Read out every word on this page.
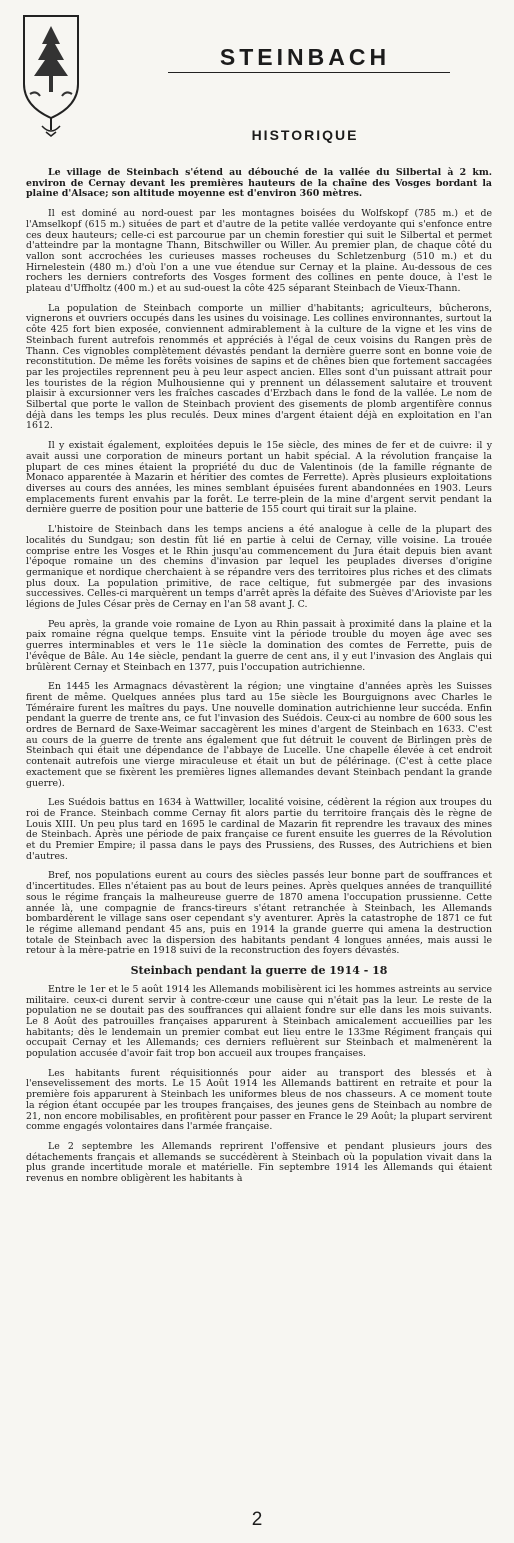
STEINBACH
HISTORIQUE

Le village de Steinbach s'étend au débouché de la vallée du Silbertal à 2 km. environ de Cernay devant les premières hauteurs de la chaîne des Vosges bordant la plaine d'Alsace; son altitude moyenne est d'environ 360 mètres.

Il est dominé au nord-ouest par les montagnes boisées du Wolfskopf (785 m.) et de l'Amselkopf (615 m.) situées de part et d'autre de la petite vallée verdoyante qui s'enfonce entre ces deux hauteurs; celle-ci est parcourue par un chemin forestier qui suit le Silbertal et permet d'atteindre par la montagne Thann, Bitschwiller ou Willer. Au premier plan, de chaque côté du vallon sont accrochées les curieuses masses rocheuses du Schletzenburg (510 m.) et du Hirnelestein (480 m.) d'où l'on a une vue étendue sur Cernay et la plaine. Au-dessous de ces rochers les derniers contreforts des Vosges forment des collines en pente douce, à l'est le plateau d'Uffholtz (400 m.) et au sud-ouest la côte 425 séparant Steinbach de Vieux-Thann.

La population de Steinbach comporte un millier d'habitants; agriculteurs, bûcherons, vignerons et ouvriers occupés dans les usines du voisinage. Les collines environnantes, surtout la côte 425 fort bien exposée, conviennent admirablement à la culture de la vigne et les vins de Steinbach furent autrefois renommés et appréciés à l'égal de ceux voisins du Rangen près de Thann. Ces vignobles complètement dévastés pendant la dernière guerre sont en bonne voie de reconstitution. De même les forêts voisines de sapins et de chênes bien que fortement saccagées par les projectiles reprennent peu à peu leur aspect ancien. Elles sont d'un puissant attrait pour les touristes de la région Mulhousienne qui y prennent un délassement salutaire et trouvent plaisir à excursionner vers les fraîches cascades d'Erzbach dans le fond de la vallée. Le nom de Silbertal que porte le vallon de Steinbach provient des gisements de plomb argentifère connus déjà dans les temps les plus reculés. Deux mines d'argent étaient déjà en exploitation en l'an 1612.

Il y existait également, exploitées depuis le 15e siècle, des mines de fer et de cuivre: il y avait aussi une corporation de mineurs portant un habit spécial. A la révolution française la plupart de ces mines étaient la propriété du duc de Valentinois (de la famille régnante de Monaco apparentée à Mazarin et héritier des comtes de Ferrette). Après plusieurs exploitations diverses au cours des années, les mines semblant épuisées furent abandonnées en 1903. Leurs emplacements furent envahis par la forêt. Le terre-plein de la mine d'argent servit pendant la dernière guerre de position pour une batterie de 155 court qui tirait sur la plaine.

L'histoire de Steinbach dans les temps anciens a été analogue à celle de la plupart des localités du Sundgau; son destin fût lié en partie à celui de Cernay, ville voisine. La trouée comprise entre les Vosges et le Rhin jusqu'au commencement du Jura était depuis bien avant l'époque romaine un des chemins d'invasion par lequel les peuplades diverses d'origine germanique et nordique cherchaient à se répandre vers des territoires plus riches et des climats plus doux. La population primitive, de race celtique, fut submergée par des invasions successives. Celles-ci marquèrent un temps d'arrêt après la défaite des Suèves d'Arioviste par les légions de Jules César près de Cernay en l'an 58 avant J. C.

Peu après, la grande voie romaine de Lyon au Rhin passait à proximité dans la plaine et la paix romaine régna quelque temps. Ensuite vint la période trouble du moyen âge avec ses guerres interminables et vers le 11e siècle la domination des comtes de Ferrette, puis de l'évêque de Bâle. Au 14e siècle, pendant la guerre de cent ans, il y eut l'invasion des Anglais qui brûlèrent Cernay et Steinbach en 1377, puis l'occupation autrichienne.

En 1445 les Armagnacs dévastèrent la région; une vingtaine d'années après les Suisses firent de même. Quelques années plus tard au 15e siècle les Bourguignons avec Charles le Téméraire furent les maîtres du pays. Une nouvelle domination autrichienne leur succéda. Enfin pendant la guerre de trente ans, ce fut l'invasion des Suédois. Ceux-ci au nombre de 600 sous les ordres de Bernard de Saxe-Weimar saccagèrent les mines d'argent de Steinbach en 1633. C'est au cours de la guerre de trente ans également que fut détruit le couvent de Birlingen près de Steinbach qui était une dépendance de l'abbaye de Lucelle. Une chapelle élevée à cet endroit contenait autrefois une vierge miraculeuse et était un but de pélérinage. (C'est à cette place exactement que se fixèrent les premières lignes allemandes devant Steinbach pendant la grande guerre).

Les Suédois battus en 1634 à Wattwiller, localité voisine, cédèrent la région aux troupes du roi de France. Steinbach comme Cernay fit alors partie du territoire français dès le règne de Louis XIII. Un peu plus tard en 1695 le cardinal de Mazarin fit reprendre les travaux des mines de Steinbach. Après une période de paix française ce furent ensuite les guerres de la Révolution et du Premier Empire; il passa dans le pays des Prussiens, des Russes, des Autrichiens et bien d'autres.

Bref, nos populations eurent au cours des siècles passés leur bonne part de souffrances et d'incertitudes. Elles n'étaient pas au bout de leurs peines. Après quelques années de tranquillité sous le régime français la malheureuse guerre de 1870 amena l'occupation prussienne. Cette année là, une compagnie de francs-tireurs s'étant retranchée à Steinbach, les Allemands bombardèrent le village sans oser cependant s'y aventurer. Après la catastrophe de 1871 ce fut le régime allemand pendant 45 ans, puis en 1914 la grande guerre qui amena la destruction totale de Steinbach avec la dispersion des habitants pendant 4 longues années, mais aussi le retour à la mère-patrie en 1918 suivi de la reconstruction des foyers dévastés.

Steinbach pendant la guerre de 1914 - 18

Entre le 1er et le 5 août 1914 les Allemands mobilisèrent ici les hommes astreints au service militaire. ceux-ci durent servir à contre-cœur une cause qui n'était pas la leur. Le reste de la population ne se doutait pas des souffrances qui allaient fondre sur elle dans les mois suivants. Le 8 Août des patrouilles françaises apparurent à Steinbach amicalement accueillies par les habitants; dès le lendemain un premier combat eut lieu entre le 133me Régiment français qui occupait Cernay et les Allemands; ces derniers refluèrent sur Steinbach et malmenèrent la population accusée d'avoir fait trop bon accueil aux troupes françaises.

Les habitants furent réquisitionnés pour aider au transport des blessés et à l'ensevelissement des morts. Le 15 Août 1914 les Allemands battirent en retraite et pour la première fois apparurent à Steinbach les uniformes bleus de nos chasseurs. A ce moment toute la région étant occupée par les troupes françaises, des jeunes gens de Steinbach au nombre de 21, non encore mobilisables, en profitèrent pour passer en France le 29 Août; la plupart servirent comme engagés volontaires dans l'armée française.

Le 2 septembre les Allemands reprirent l'offensive et pendant plusieurs jours des détachements français et allemands se succédèrent à Steinbach où la population vivait dans la plus grande incertitude morale et matérielle. Fin septembre 1914 les Allemands qui étaient revenus en nombre obligèrent les habitants à

2
